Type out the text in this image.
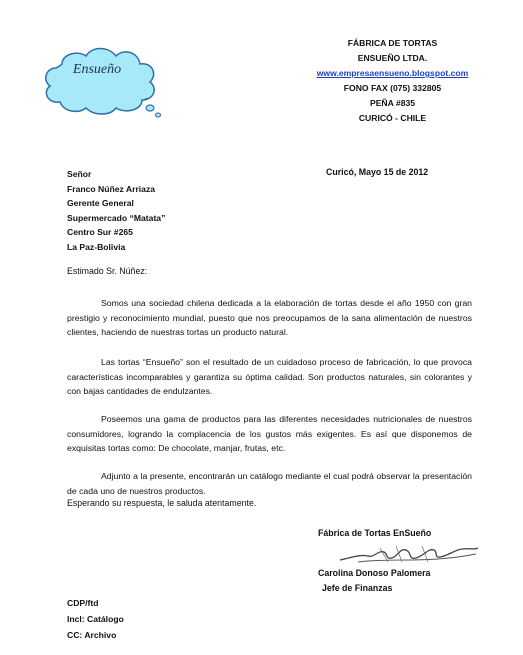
Ensueño
FÁBRICA DE TORTAS
ENSUEÑO LTDA.
www.empresaensueno.blogspot.com
FONO FAX (075) 332805
PEÑA #835
CURICÓ - CHILE
Curicó, Mayo 15 de 2012
Señor
Franco Núñez Arriaza
Gerente General
Supermercado “Matata”
Centro Sur #265
La Paz-Bolivia
Estimado Sr. Núñez:
Somos una sociedad chilena dedicada a la elaboración de tortas desde el año 1950 con gran prestigio y reconocimiento mundial, puesto que nos preocupamos de la sana alimentación de nuestros clientes, haciendo de nuestras tortas un producto natural.
Las tortas “Ensueño” son el resultado de un cuidadoso proceso de fabricación, lo que provoca características incomparables y garantiza su óptima calidad. Son productos naturales, sin colorantes y con bajas cantidades de endulzantes.
Poseemos una gama de productos para las diferentes necesidades nutricionales de nuestros consumidores, logrando la complacencia de los gustos más exigentes. Es así que disponemos de exquisitas tortas como: De chocolate, manjar, frutas, etc.
Adjunto a la presente, encontrarán un catálogo mediante el cual podrá observar la presentación de cada uno de nuestros productos.
Esperando su respuesta, le saluda atentamente.
Fábrica de Tortas EnSueño
Carolina Donoso Palomera
Jefe de Finanzas
CDP/ftd
Incl: Catálogo
CC: Archivo
